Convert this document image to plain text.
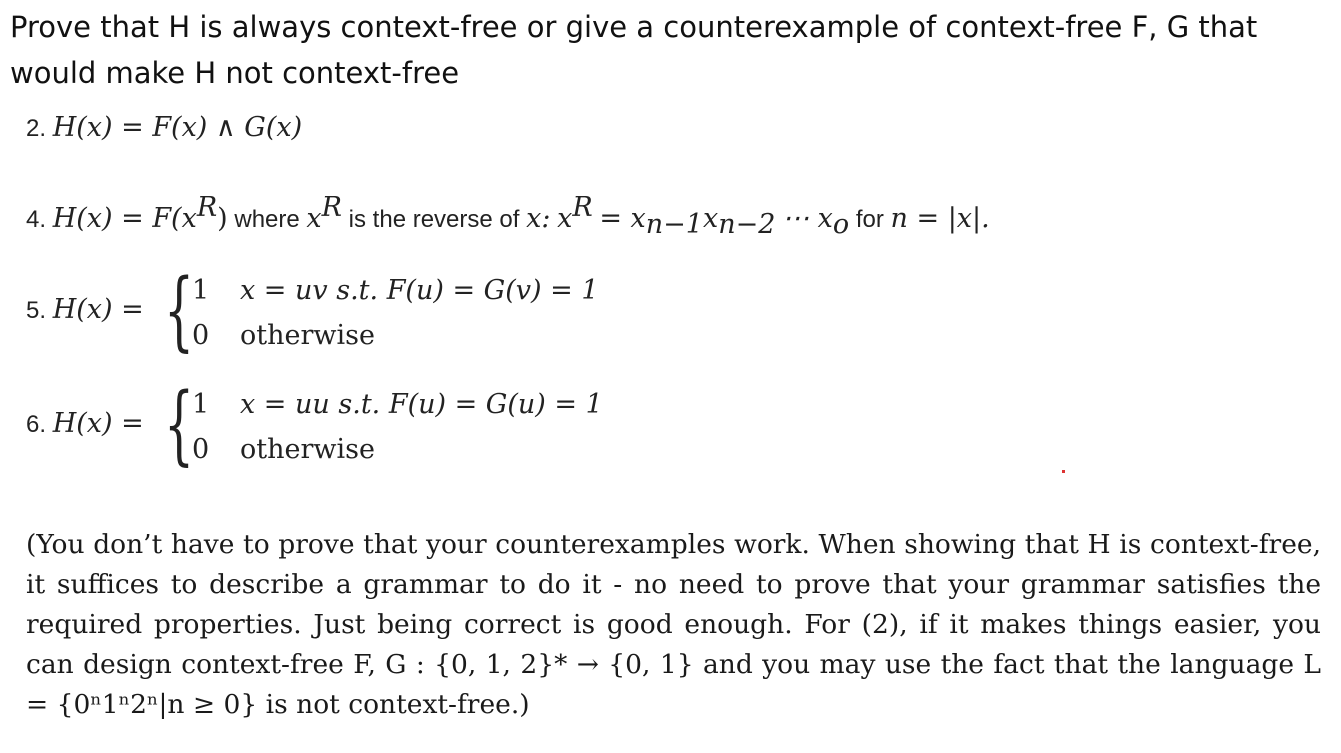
Prove that H is always context-free or give a counterexample of context-free F, G that would make H not context-free
2. H(x) = F(x) ∧ G(x)
4. $H(x) = F(x^R)$ where $x^R$ is the reverse of x: $x^R = x_{n-1}x_{n-2}$ ⋯ $x_o$ for n = |x|.
5. H(x) = {
1 x = uv s.t. F(u) = G(v) = 1
0 otherwise
6. H(x) = {
1 x = uu s.t. F(u) = G(u) = 1
0 otherwise
(You don’t have to prove that your counterexamples work. When showing that H is context-free, it suffices to describe a grammar to do it - no need to prove that your grammar satisfies the required properties. Just being correct is good enough. For (2), if it makes things easier, you can design context-free F, G : {0, 1, 2}* → {0, 1} and you may use the fact that the language L = {0ⁿ1ⁿ2ⁿ|n ≥ 0} is not context-free.)
